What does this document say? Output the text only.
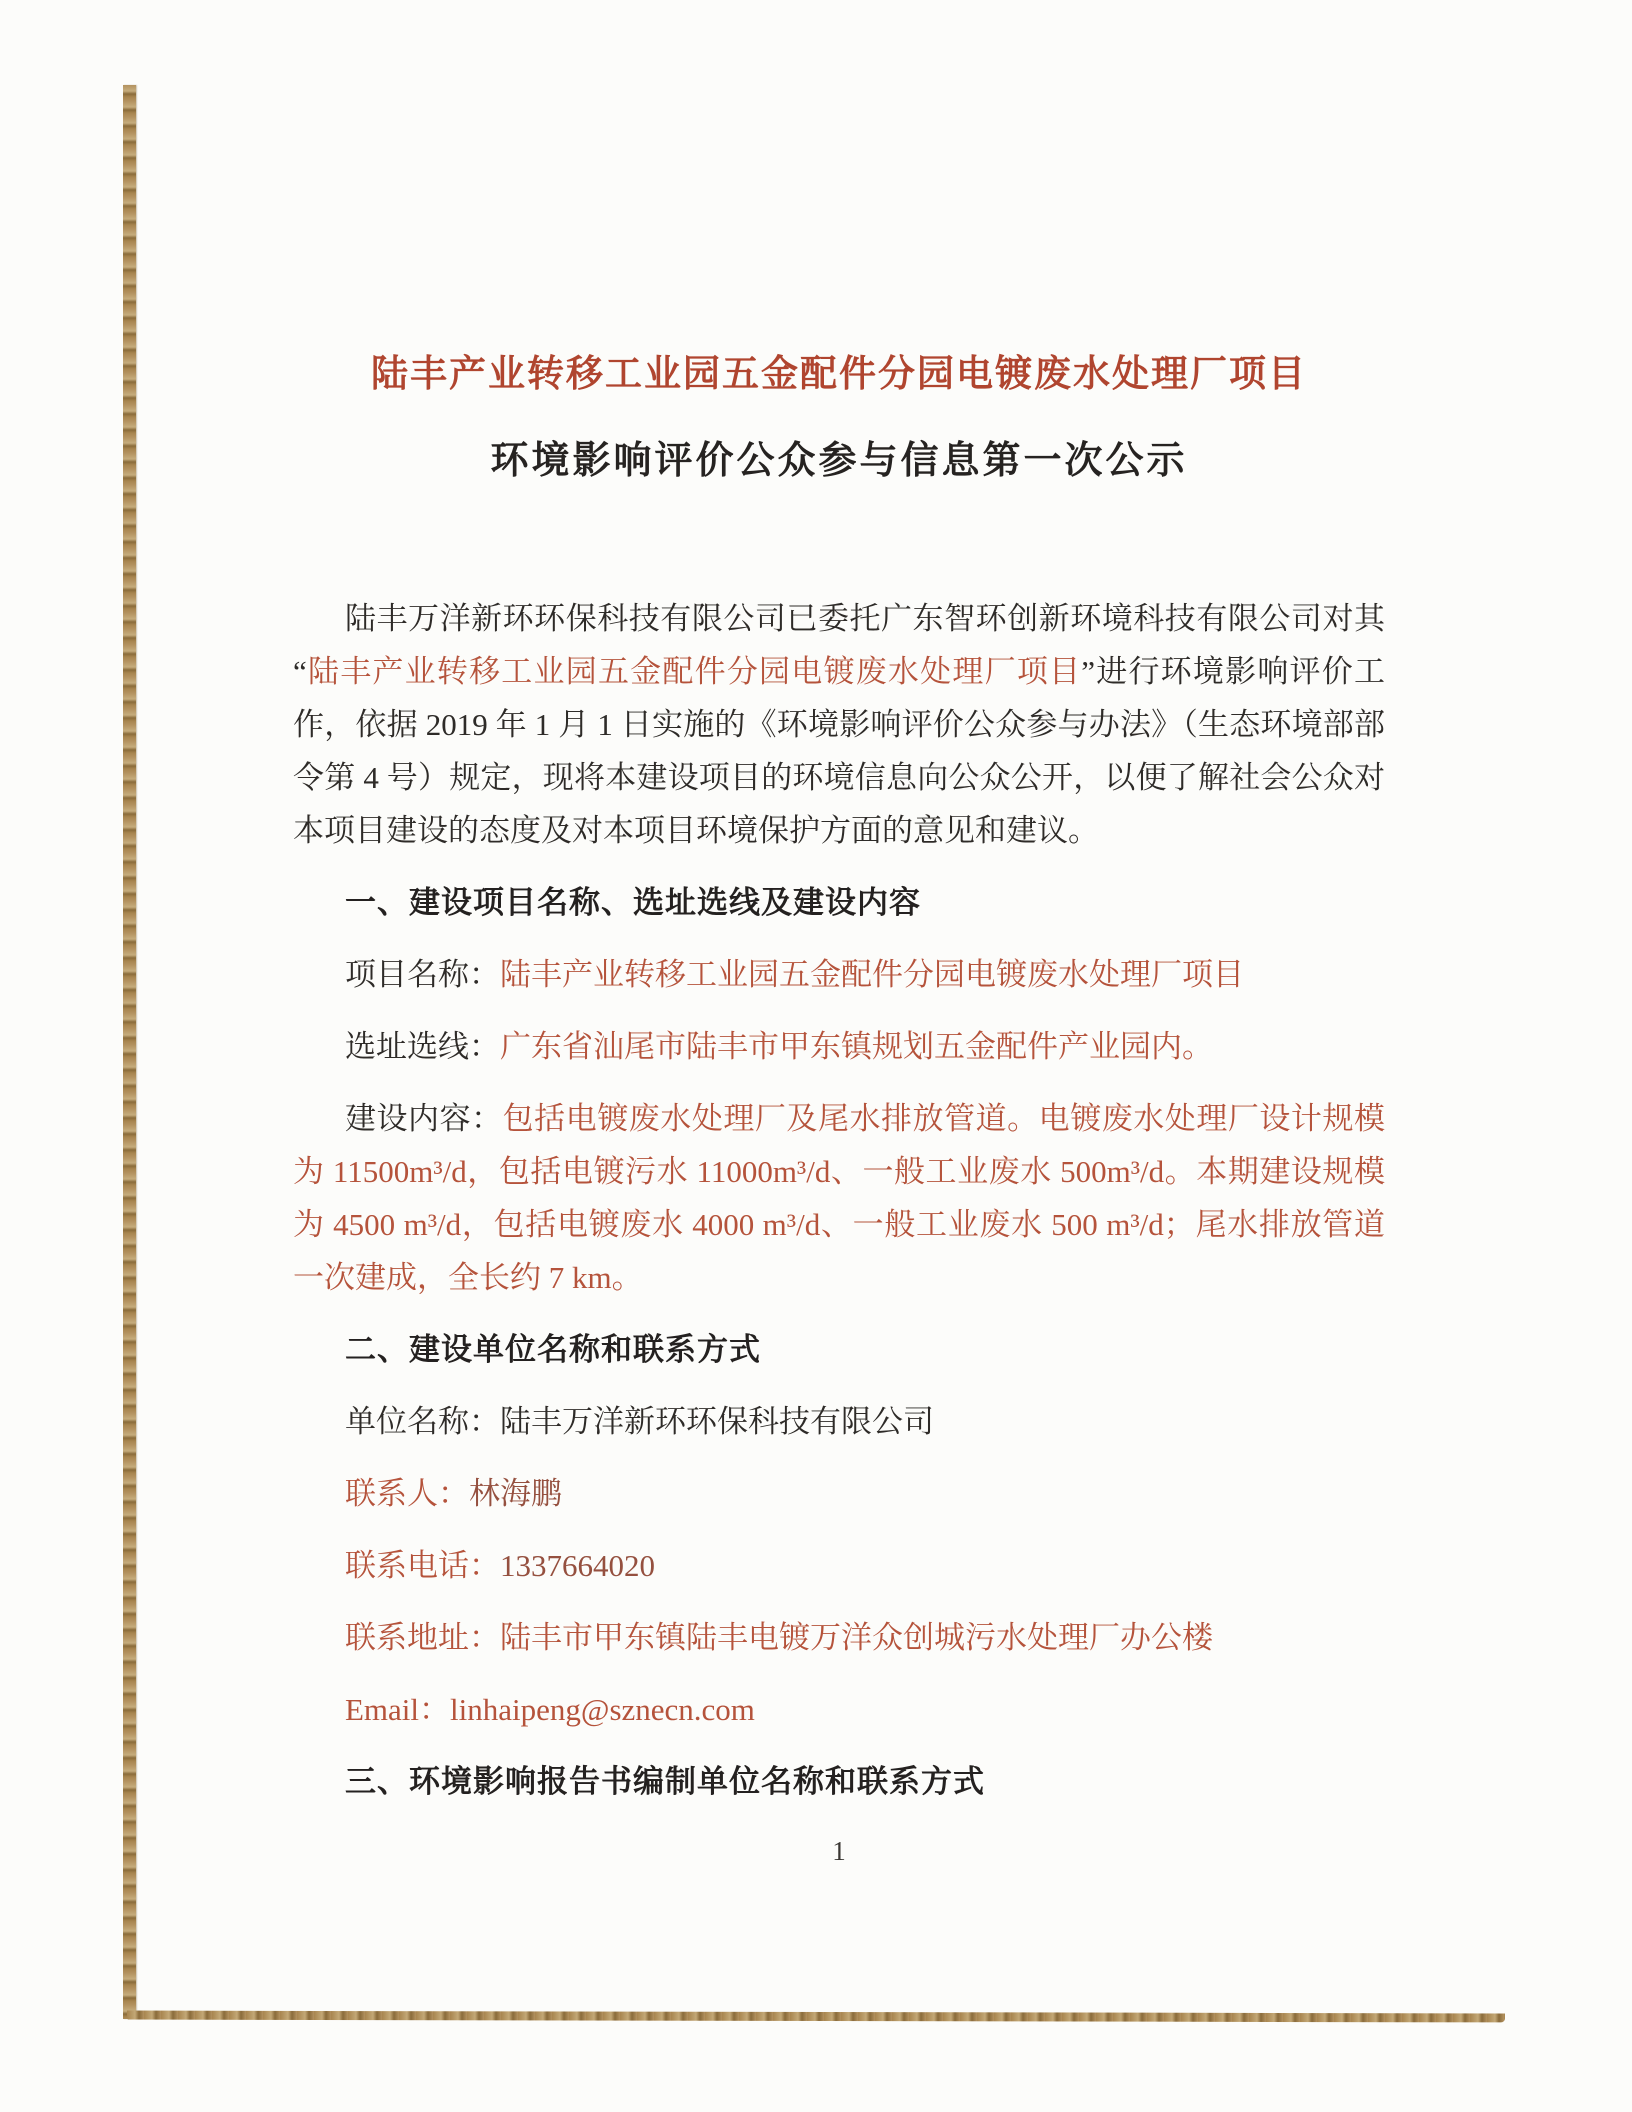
陆丰产业转移工业园五金配件分园电镀废水处理厂项目
环境影响评价公众参与信息第一次公示

陆丰万洋新环环保科技有限公司已委托广东智环创新环境科技有限公司对其“陆丰产业转移工业园五金配件分园电镀废水处理厂项目”进行环境影响评价工作，依据 2019 年 1 月 1 日实施的《环境影响评价公众参与办法》（生态环境部部令第 4 号）规定，现将本建设项目的环境信息向公众公开，以便了解社会公众对本项目建设的态度及对本项目环境保护方面的意见和建议。

一、建设项目名称、选址选线及建设内容

项目名称：陆丰产业转移工业园五金配件分园电镀废水处理厂项目

选址选线：广东省汕尾市陆丰市甲东镇规划五金配件产业园内。

建设内容：包括电镀废水处理厂及尾水排放管道。电镀废水处理厂设计规模为 11500m³/d，包括电镀污水 11000m³/d、一般工业废水 500m³/d。本期建设规模为 4500 m³/d，包括电镀废水 4000 m³/d、一般工业废水 500 m³/d；尾水排放管道一次建成，全长约 7 km。

二、建设单位名称和联系方式

单位名称：陆丰万洋新环环保科技有限公司

联系人：林海鹏

联系电话：1337664020

联系地址：陆丰市甲东镇陆丰电镀万洋众创城污水处理厂办公楼

Email：linhaipeng@sznecn.com

三、环境影响报告书编制单位名称和联系方式

1
